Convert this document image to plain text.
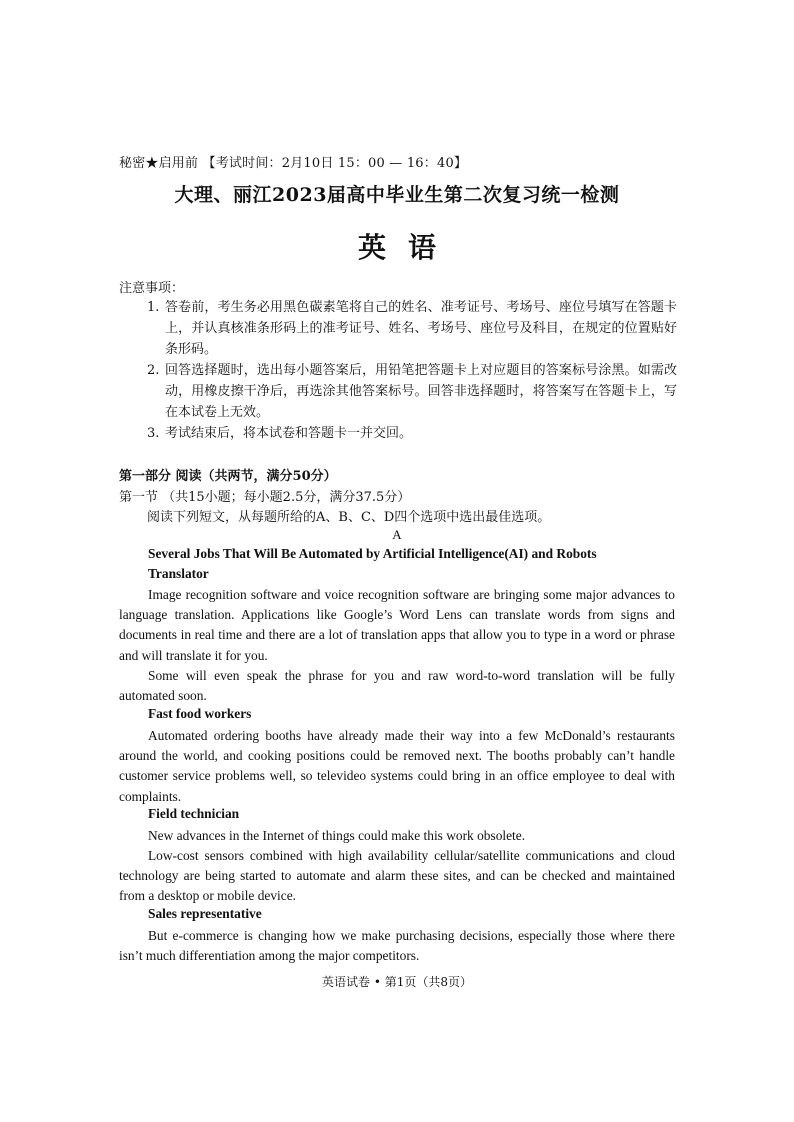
秘密★启用前 【考试时间：2月10日 15：00 — 16：40】
大理、丽江2023届高中毕业生第二次复习统一检测
英语
注意事项：
1. 答卷前，考生务必用黑色碳素笔将自己的姓名、准考证号、考场号、座位号填写在答题卡上，并认真核准条形码上的准考证号、姓名、考场号、座位号及科目，在规定的位置贴好条形码。
2. 回答选择题时，选出每小题答案后，用铅笔把答题卡上对应题目的答案标号涂黑。如需改动，用橡皮擦干净后，再选涂其他答案标号。回答非选择题时，将答案写在答题卡上，写在本试卷上无效。
3. 考试结束后，将本试卷和答题卡一并交回。
第一部分 阅读（共两节，满分50分）
第一节 （共15小题；每小题2.5分，满分37.5分）
阅读下列短文，从每题所给的A、B、C、D四个选项中选出最佳选项。
A
Several Jobs That Will Be Automated by Artificial Intelligence(AI) and Robots
Translator
Image recognition software and voice recognition software are bringing some major advances to language translation. Applications like Google’s Word Lens can translate words from signs and documents in real time and there are a lot of translation apps that allow you to type in a word or phrase and will translate it for you.
Some will even speak the phrase for you and raw word-to-word translation will be fully automated soon.
Fast food workers
Automated ordering booths have already made their way into a few McDonald’s restaurants around the world, and cooking positions could be removed next. The booths probably can’t handle customer service problems well, so televideo systems could bring in an office employee to deal with complaints.
Field technician
New advances in the Internet of things could make this work obsolete.
Low-cost sensors combined with high availability cellular/satellite communications and cloud technology are being started to automate and alarm these sites, and can be checked and maintained from a desktop or mobile device.
Sales representative
But e-commerce is changing how we make purchasing decisions, especially those where there isn’t much differentiation among the major competitors.
英语试卷 • 第1页（共8页）
